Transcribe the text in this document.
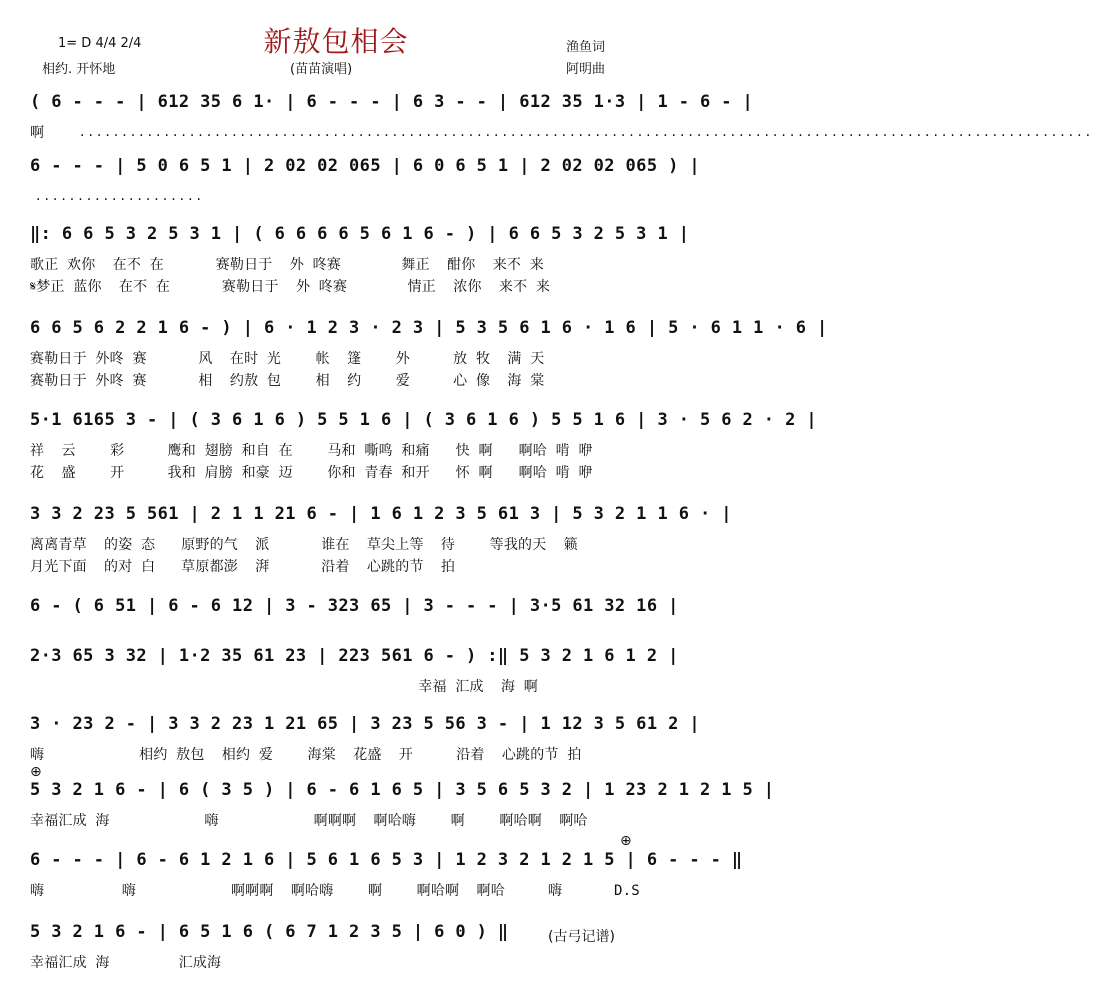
1= D 4/4 2/4	新敖包相会	渔鱼词
相约. 开怀地	(苗苗演唱)	阿明曲
( 6 - - - | 612 35 6 1· | 6 - - - | 6 3 - - | 612 35 1·3 | 1 - 6 - |
啊	........................................................................................................................
6 - - - | 5 0 6 5 1 | 2 02 02 065 | 6 0 6 5 1 | 2 02 02 065 ) |
....................
‖: 6 6 5 3 2 5 3 1 | ( 6 6 6 6 5 6 1 6 - ) | 6 6 5 3 2 5 3 1 |
歌正 欢你  在不 在      赛勒日于  外 咚赛       舞正  酣你  来不 来
𝄋梦正 蓝你  在不 在      赛勒日于  外 咚赛       情正  浓你  来不 来
6 6 5 6 2 2 1 6 - ) | 6 · 1 2 3 · 2 3 | 5 3 5 6 1 6 · 1 6 | 5 · 6 1 1 · 6 |
赛勒日于 外咚 赛      风  在时 光    帐  篷    外     放 牧  满 天
赛勒日于 外咚 赛      相  约敖 包    相  约    爱     心 像  海 棠
5·1 6165 3 - | ( 3 6 1 6 ) 5 5 1 6 | ( 3 6 1 6 ) 5 5 1 6 | 3 · 5 6 2 · 2 |
祥  云    彩     鹰和 翅膀 和自 在    马和 嘶鸣 和痛   快 啊   啊哈 啃 咿
花  盛    开     我和 肩膀 和豪 迈    你和 青春 和开   怀 啊   啊哈 啃 咿
3 3 2 23 5 561 | 2 1 1 21 6 - | 1 6 1 2 3 5 61 3 | 5 3 2 1 1 6 · |
离离青草  的姿 态   原野的气  派      谁在  草尖上等  待    等我的天  籁
月光下面  的对 白   草原都澎  湃      沿着  心跳的节  拍
6 - ( 6 51 | 6 - 6 12 | 3 - 323 65 | 3 - - - | 3·5 61 32 16 |
2·3 65 3 32 | 1·2 35 61 23 | 223 561 6 - ) :‖ 5 3 2 1 6 1 2 |
幸福 汇成  海 啊
3 · 23 2 - | 3 3 2 23 1 21 65 | 3 23 5 56 3 - | 1 12 3 5 61 2 |
嗨           相约 敖包  相约 爱    海棠  花盛  开     沿着  心跳的节 拍
5 3 2 1 6 - | 6 ( 3 5 ) | 6 - 6 1 6 5 | 3 5 6 5 3 2 | 1 23 2 1 2 1 5 |
幸福汇成 海           嗨           啊啊啊  啊哈嗨    啊    啊哈啊  啊哈
6 - - - | 6 - 6 1 2 1 6 | 5 6 1 6 5 3 | 1 2 3 2 1 2 1 5 | 6 - - - ‖
嗨         嗨           啊啊啊  啊哈嗨    啊    啊哈啊  啊哈     嗨      D.S
5 3 2 1 6 - | 6 5 1 6 ( 6 7 1 2 3 5 | 6 0 ) ‖
幸福汇成 海        汇成海
⊕
⊕
(古弓记谱)
